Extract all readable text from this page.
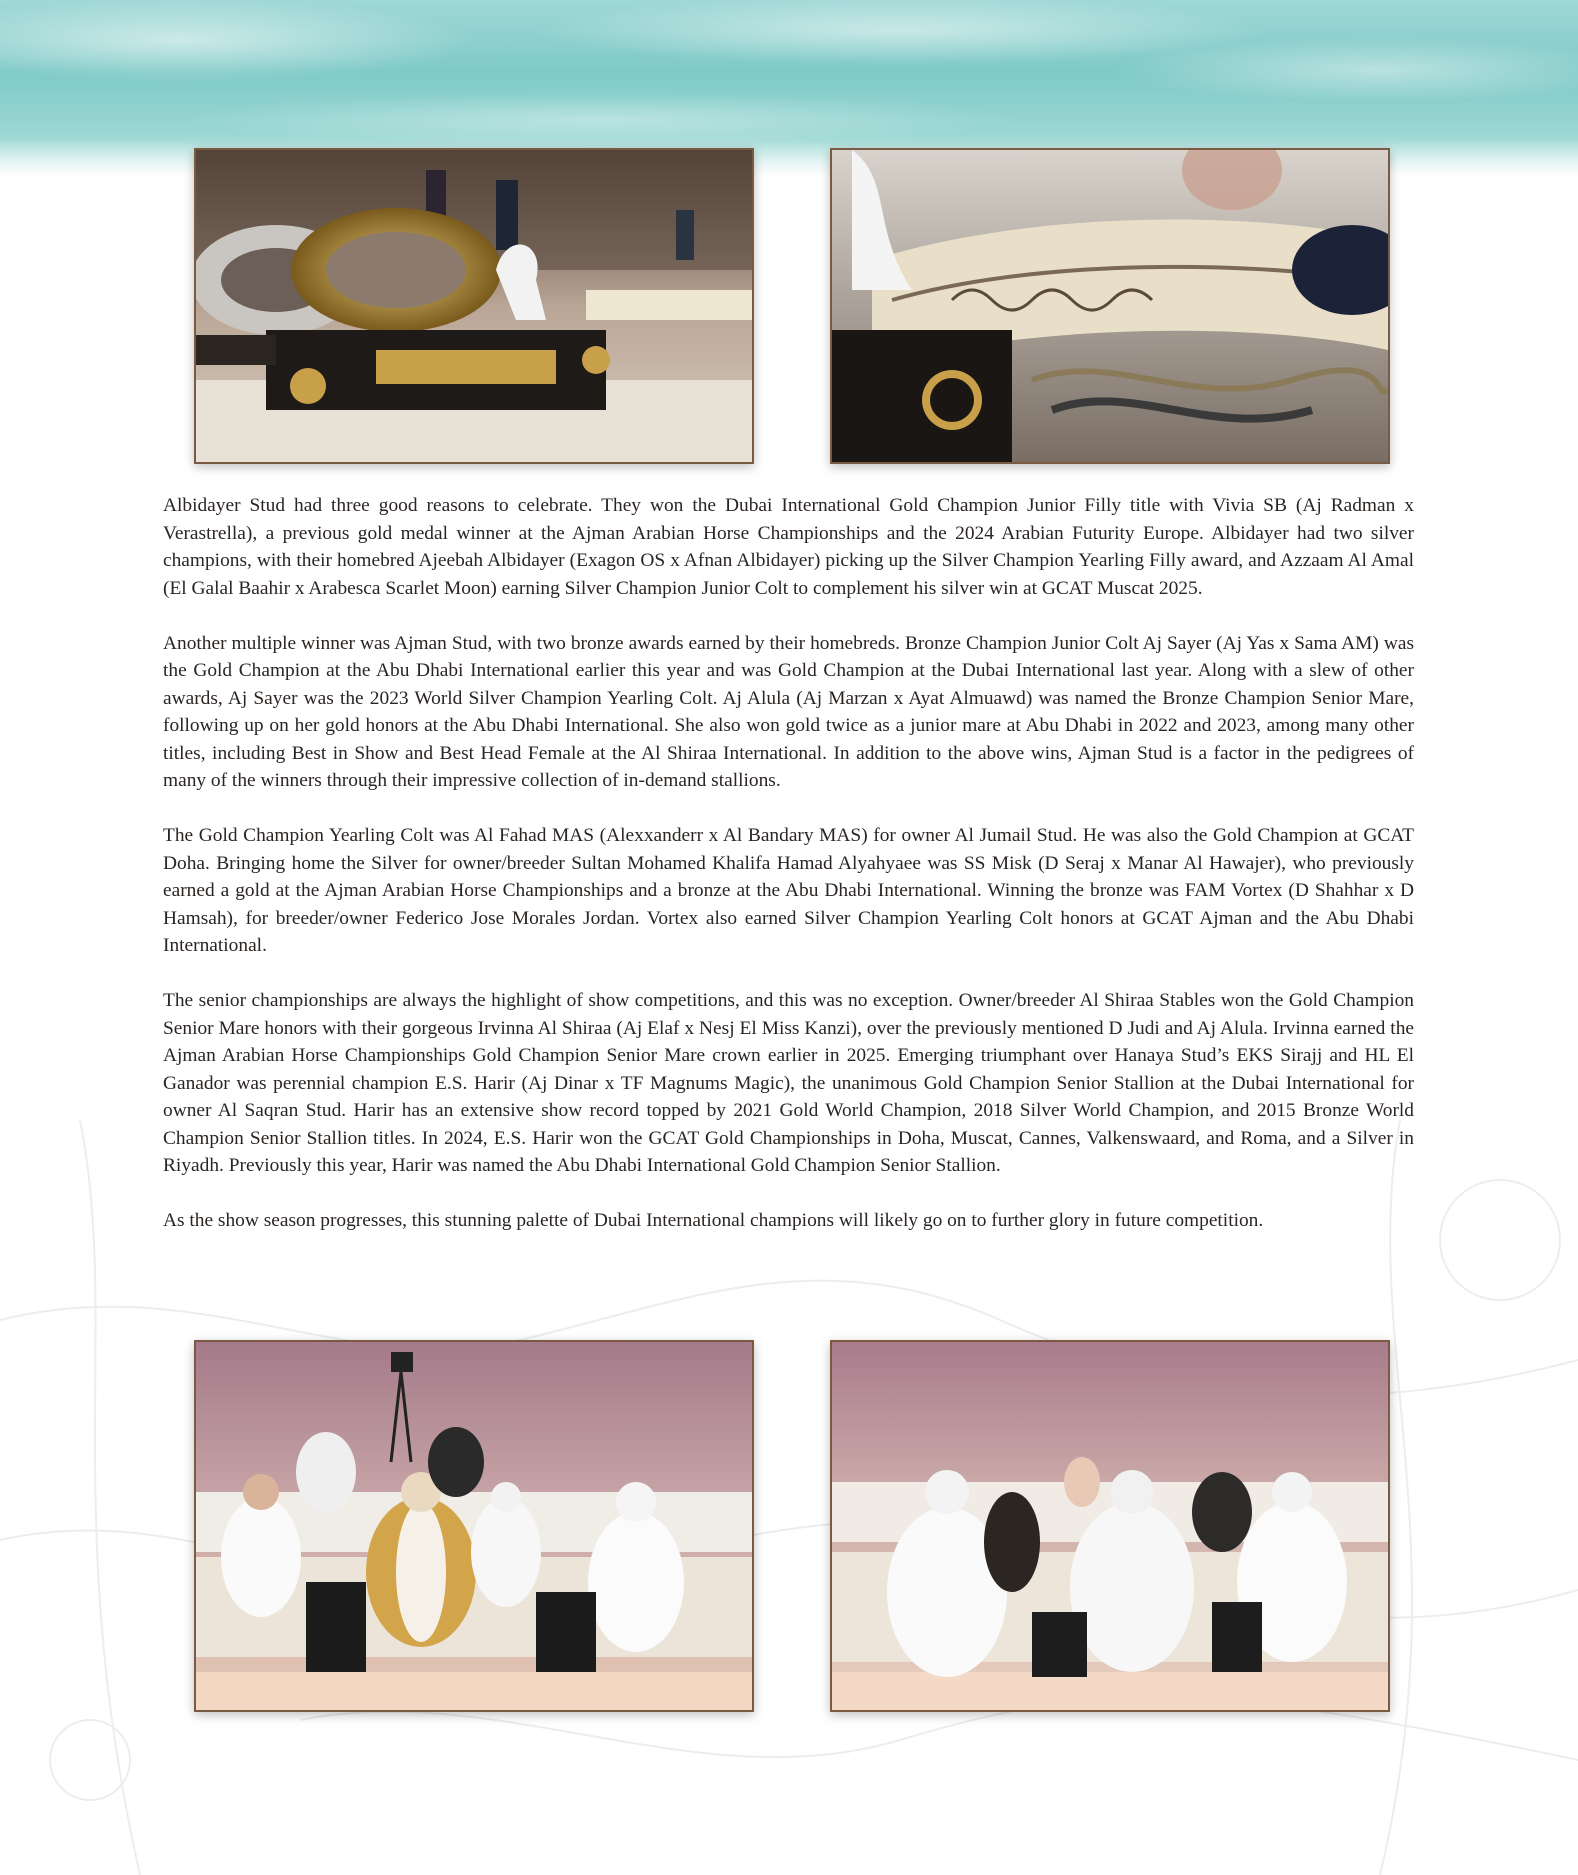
Albidayer Stud had three good reasons to celebrate. They won the Dubai International Gold Champion Junior Filly title with Vivia SB (Aj Radman x Verastrella), a previous gold medal winner at the Ajman Arabian Horse Championships and the 2024 Arabian Futurity Europe. Albidayer had two silver champions, with their homebred Ajeebah Albidayer (Exagon OS x Afnan Albidayer) picking up the Silver Champion Yearling Filly award, and Azzaam Al Amal (El Galal Baahir x Arabesca Scarlet Moon) earning Silver Champion Junior Colt to complement his silver win at GCAT Muscat 2025.

Another multiple winner was Ajman Stud, with two bronze awards earned by their homebreds. Bronze Champion Junior Colt Aj Sayer (Aj Yas x Sama AM) was the Gold Champion at the Abu Dhabi International earlier this year and was Gold Champion at the Dubai International last year. Along with a slew of other awards, Aj Sayer was the 2023 World Silver Champion Yearling Colt. Aj Alula (Aj Marzan x Ayat Almuawd) was named the Bronze Champion Senior Mare, following up on her gold honors at the Abu Dhabi International. She also won gold twice as a junior mare at Abu Dhabi in 2022 and 2023, among many other titles, including Best in Show and Best Head Female at the Al Shiraa International. In addition to the above wins, Ajman Stud is a factor in the pedigrees of many of the winners through their impressive collection of in-demand stallions.

The Gold Champion Yearling Colt was Al Fahad MAS (Alexxanderr x Al Bandary MAS) for owner Al Jumail Stud. He was also the Gold Champion at GCAT Doha. Bringing home the Silver for owner/breeder Sultan Mohamed Khalifa Hamad Alyahyaee was SS Misk (D Seraj x Manar Al Hawajer), who previously earned a gold at the Ajman Arabian Horse Championships and a bronze at the Abu Dhabi International. Winning the bronze was FAM Vortex (D Shahhar x D Hamsah), for breeder/owner Federico Jose Morales Jordan. Vortex also earned Silver Champion Yearling Colt honors at GCAT Ajman and the Abu Dhabi International.

The senior championships are always the highlight of show competitions, and this was no exception. Owner/breeder Al Shiraa Stables won the Gold Champion Senior Mare honors with their gorgeous Irvinna Al Shiraa (Aj Elaf x Nesj El Miss Kanzi), over the previously mentioned D Judi and Aj Alula. Irvinna earned the Ajman Arabian Horse Championships Gold Champion Senior Mare crown earlier in 2025. Emerging triumphant over Hanaya Stud’s EKS Sirajj and HL El Ganador was perennial champion E.S. Harir (Aj Dinar x TF Magnums Magic), the unanimous Gold Champion Senior Stallion at the Dubai International for owner Al Saqran Stud. Harir has an extensive show record topped by 2021 Gold World Champion, 2018 Silver World Champion, and 2015 Bronze World Champion Senior Stallion titles. In 2024, E.S. Harir won the GCAT Gold Championships in Doha, Muscat, Cannes, Valkenswaard, and Roma, and a Silver in Riyadh. Previously this year, Harir was named the Abu Dhabi International Gold Champion Senior Stallion.

As the show season progresses, this stunning palette of Dubai International champions will likely go on to further glory in future competition.
